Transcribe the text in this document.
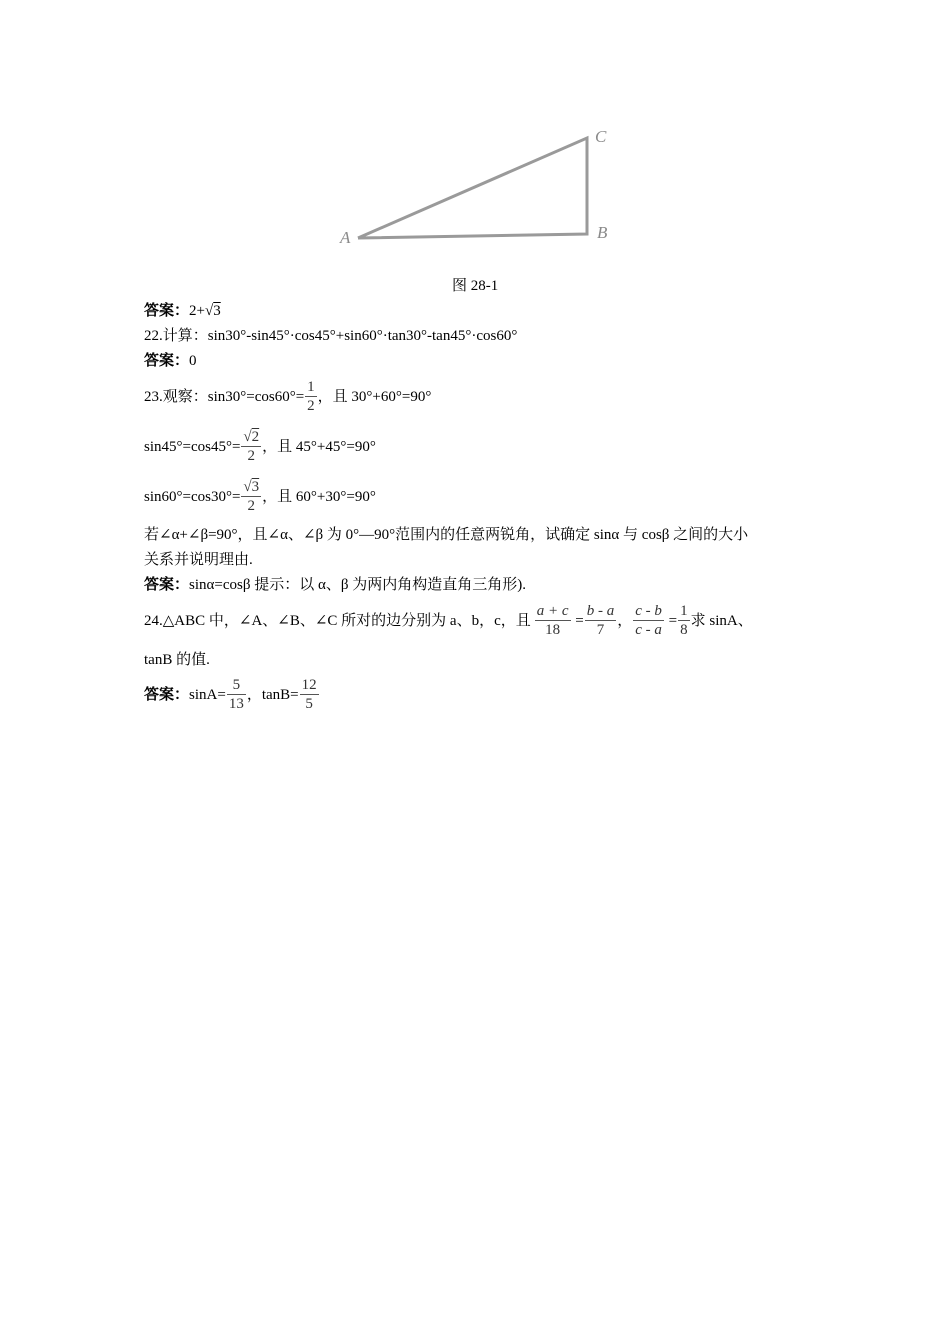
A	B
C
图 28-1
答案：2+√3
22.计算：sin30°-sin45°·cos45°+sin60°·tan30°-tan45°·cos60°
答案：0
23.观察：$\sin 30^\circ=\cos 60^\circ= \frac{1}{2}$ ，且 30°+60°=90°
$\sin 45^\circ=\cos 45^\circ= \frac{√2}{2}$ ，且 45°+45°=90°
$\sin 60^\circ=\cos 30^\circ= \frac{√3}{2}$ ，且 60°+30°=90°
若∠α+∠β=90°，且∠α、∠β 为 0°—90°范围内的任意两锐角，试确定 sinα 与 cosβ 之间的大小
关系并说明理由.
答案：sinα=cosβ 提示：以 α、β 为两内角构造直角三角形).
24.△ABC 中，∠A、∠B、∠C 所对的边分别为 a、b，c，且 $\frac{a + c}{18} = \frac{b - a}{7}$ ， $\frac{c - b}{c - a} = \frac{1}{8}$ 求 sinA、
tanB 的值.
答案：$\sin A= \frac{5}{13}$ ，$\tan B= \frac{12}{5}$
